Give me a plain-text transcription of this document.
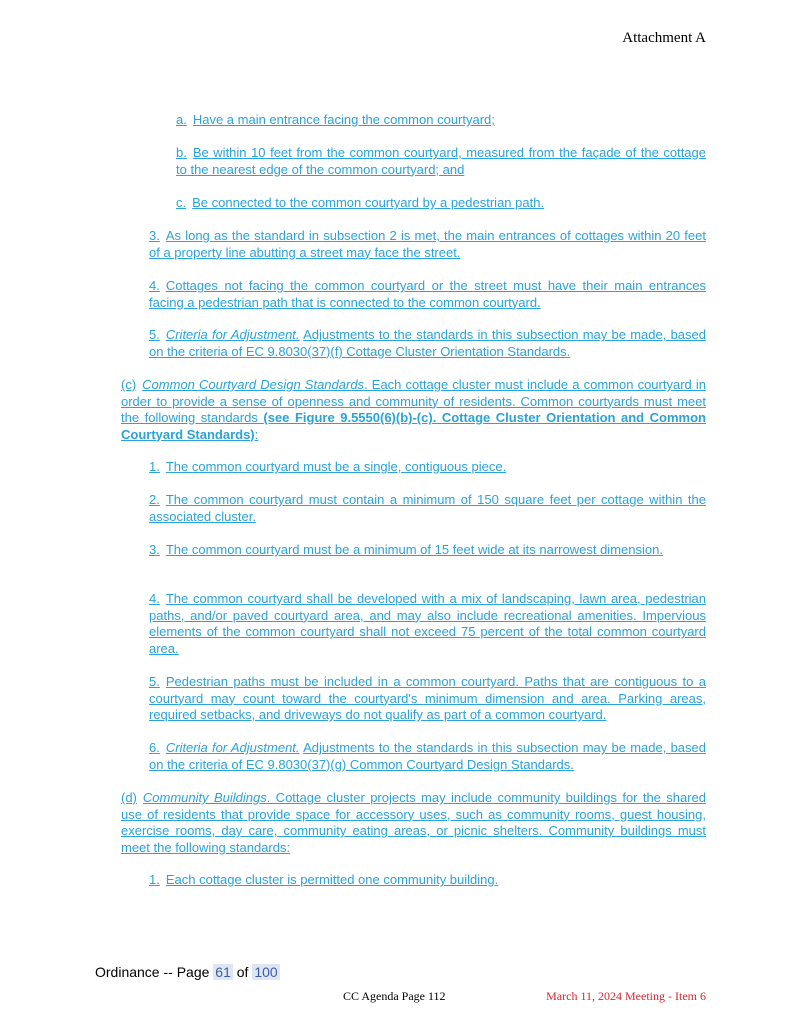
Attachment A

a. Have a main entrance facing the common courtyard;

b. Be within 10 feet from the common courtyard, measured from the façade of the cottage to the nearest edge of the common courtyard; and

c. Be connected to the common courtyard by a pedestrian path.

3. As long as the standard in subsection 2 is met, the main entrances of cottages within 20 feet of a property line abutting a street may face the street.

4. Cottages not facing the common courtyard or the street must have their main entrances facing a pedestrian path that is connected to the common courtyard.

5. Criteria for Adjustment. Adjustments to the standards in this subsection may be made, based on the criteria of EC 9.8030(37)(f) Cottage Cluster Orientation Standards.

(c) Common Courtyard Design Standards. Each cottage cluster must include a common courtyard in order to provide a sense of openness and community of residents. Common courtyards must meet the following standards (see Figure 9.5550(6)(b)-(c). Cottage Cluster Orientation and Common Courtyard Standards):

1. The common courtyard must be a single, contiguous piece.

2. The common courtyard must contain a minimum of 150 square feet per cottage within the associated cluster.

3. The common courtyard must be a minimum of 15 feet wide at its narrowest dimension.

4. The common courtyard shall be developed with a mix of landscaping, lawn area, pedestrian paths, and/or paved courtyard area, and may also include recreational amenities. Impervious elements of the common courtyard shall not exceed 75 percent of the total common courtyard area.

5. Pedestrian paths must be included in a common courtyard. Paths that are contiguous to a courtyard may count toward the courtyard's minimum dimension and area. Parking areas, required setbacks, and driveways do not qualify as part of a common courtyard.

6. Criteria for Adjustment. Adjustments to the standards in this subsection may be made, based on the criteria of EC 9.8030(37)(g) Common Courtyard Design Standards.

(d) Community Buildings. Cottage cluster projects may include community buildings for the shared use of residents that provide space for accessory uses, such as community rooms, guest housing, exercise rooms, day care, community eating areas, or picnic shelters. Community buildings must meet the following standards:

1. Each cottage cluster is permitted one community building.

Ordinance -- Page 61 of 100
CC Agenda Page 112	March 11, 2024 Meeting - Item 6
